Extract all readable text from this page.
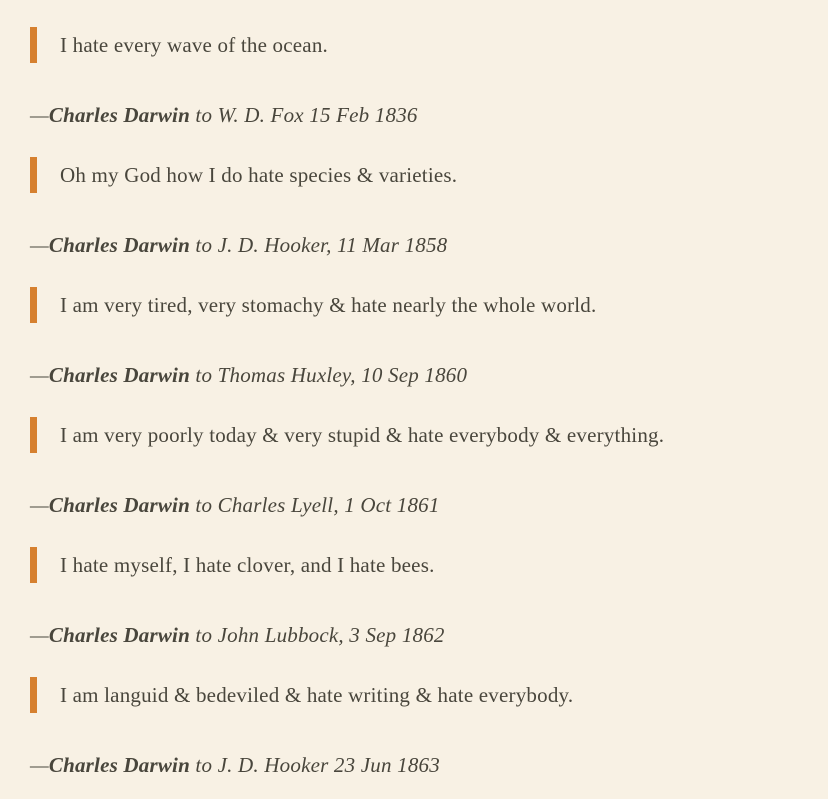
I hate every wave of the ocean.

—Charles Darwin to W. D. Fox 15 Feb 1836

Oh my God how I do hate species & varieties.

—Charles Darwin to J. D. Hooker, 11 Mar 1858

I am very tired, very stomachy & hate nearly the whole world.

—Charles Darwin to Thomas Huxley, 10 Sep 1860

I am very poorly today & very stupid & hate everybody & everything.

—Charles Darwin to Charles Lyell, 1 Oct 1861

I hate myself, I hate clover, and I hate bees.

—Charles Darwin to John Lubbock, 3 Sep 1862

I am languid & bedeviled & hate writing & hate everybody.

—Charles Darwin to J. D. Hooker 23 Jun 1863
